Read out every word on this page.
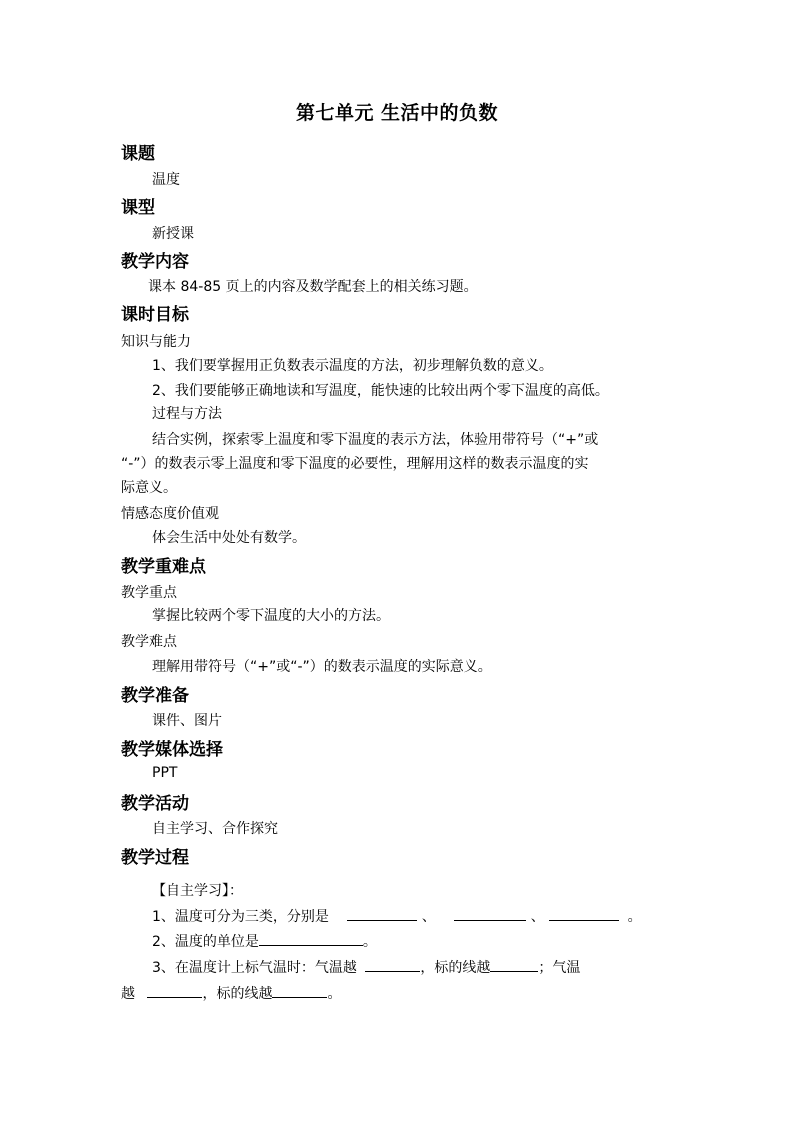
第七单元 生活中的负数
课题
温度
课型
新授课
教学内容
课本 84-85 页上的内容及数学配套上的相关练习题。
课时目标
知识与能力
1、我们要掌握用正负数表示温度的方法，初步理解负数的意义。
2、我们要能够正确地读和写温度，能快速的比较出两个零下温度的高低。
过程与方法
结合实例，探索零上温度和零下温度的表示方法，体验用带符号（“+”或
“-”）的数表示零上温度和零下温度的必要性，理解用这样的数表示温度的实
际意义。
情感态度价值观
体会生活中处处有数学。
教学重难点
教学重点
掌握比较两个零下温度的大小的方法。
教学难点
理解用带符号（“+”或“-”）的数表示温度的实际意义。
教学准备
课件、图片
教学媒体选择
PPT
教学活动
自主学习、合作探究
教学过程
【自主学习】：
1、温度可分为三类，分别是	、	、	。
2、温度的单位是	。
3、在温度计上标气温时：气温越	，标的线越	；气温
越	，标的线越	。
